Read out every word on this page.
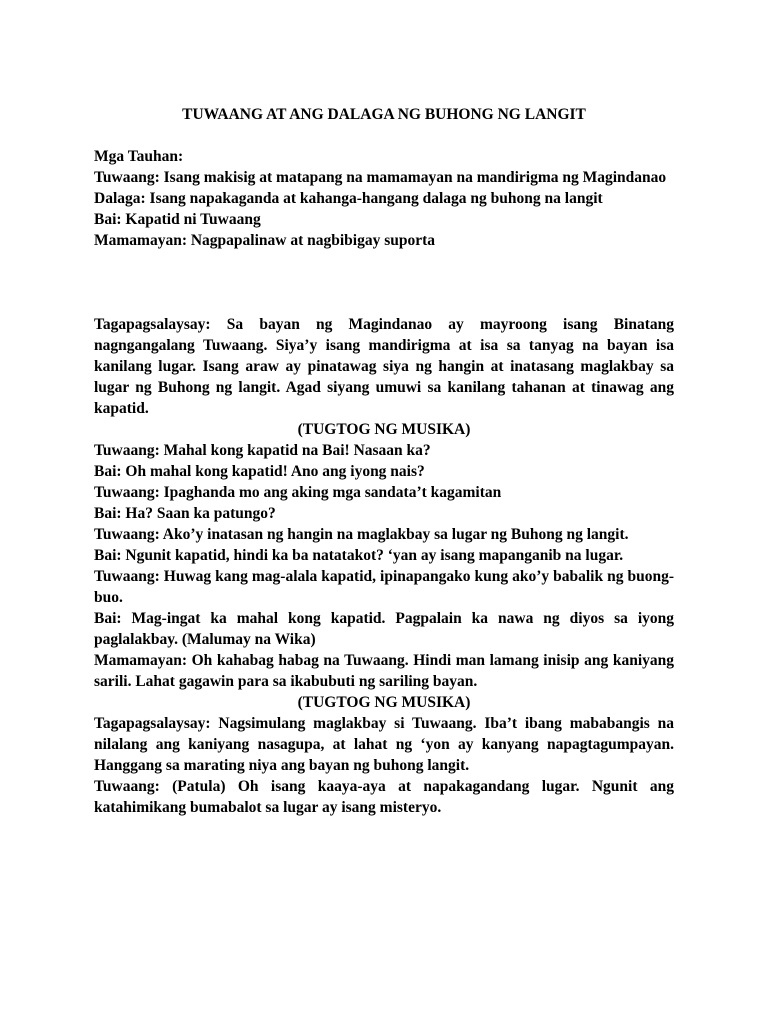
TUWAANG AT ANG DALAGA NG BUHONG NG LANGIT

Mga Tauhan:

Tuwaang: Isang makisig at matapang na mamamayan na mandirigma ng Magindanao

Dalaga: Isang napakaganda at kahanga-hangang dalaga ng buhong na langit

Bai: Kapatid ni Tuwaang

Mamamayan: Nagpapalinaw at nagbibigay suporta

Tagapagsalaysay: Sa bayan ng Magindanao ay mayroong isang Binatang nagngangalang Tuwaang. Siya’y isang mandirigma at isa sa tanyag na bayan isa kanilang lugar. Isang araw ay pinatawag siya ng hangin at inatasang maglakbay sa lugar ng Buhong ng langit. Agad siyang umuwi sa kanilang tahanan at tinawag ang kapatid.

(TUGTOG NG MUSIKA)

Tuwaang: Mahal kong kapatid na Bai! Nasaan ka?

Bai: Oh mahal kong kapatid! Ano ang iyong nais?

Tuwaang: Ipaghanda mo ang aking mga sandata’t kagamitan

Bai: Ha? Saan ka patungo?

Tuwaang: Ako’y inatasan ng hangin na maglakbay sa lugar ng Buhong ng langit.

Bai: Ngunit kapatid, hindi ka ba natatakot? ‘yan ay isang mapanganib na lugar.

Tuwaang: Huwag kang mag-alala kapatid, ipinapangako kung ako’y babalik ng buong-buo.

Bai: Mag-ingat ka mahal kong kapatid. Pagpalain ka nawa ng diyos sa iyong paglalakbay. (Malumay na Wika)

Mamamayan: Oh kahabag habag na Tuwaang. Hindi man lamang inisip ang kaniyang sarili. Lahat gagawin para sa ikabubuti ng sariling bayan.

(TUGTOG NG MUSIKA)

Tagapagsalaysay: Nagsimulang maglakbay si Tuwaang. Iba’t ibang mababangis na nilalang ang kaniyang nasagupa, at lahat ng ‘yon ay kanyang napagtagumpayan. Hanggang sa marating niya ang bayan ng buhong langit.

Tuwaang: (Patula) Oh isang kaaya-aya at napakagandang lugar. Ngunit ang katahimikang bumabalot sa lugar ay isang misteryo.
